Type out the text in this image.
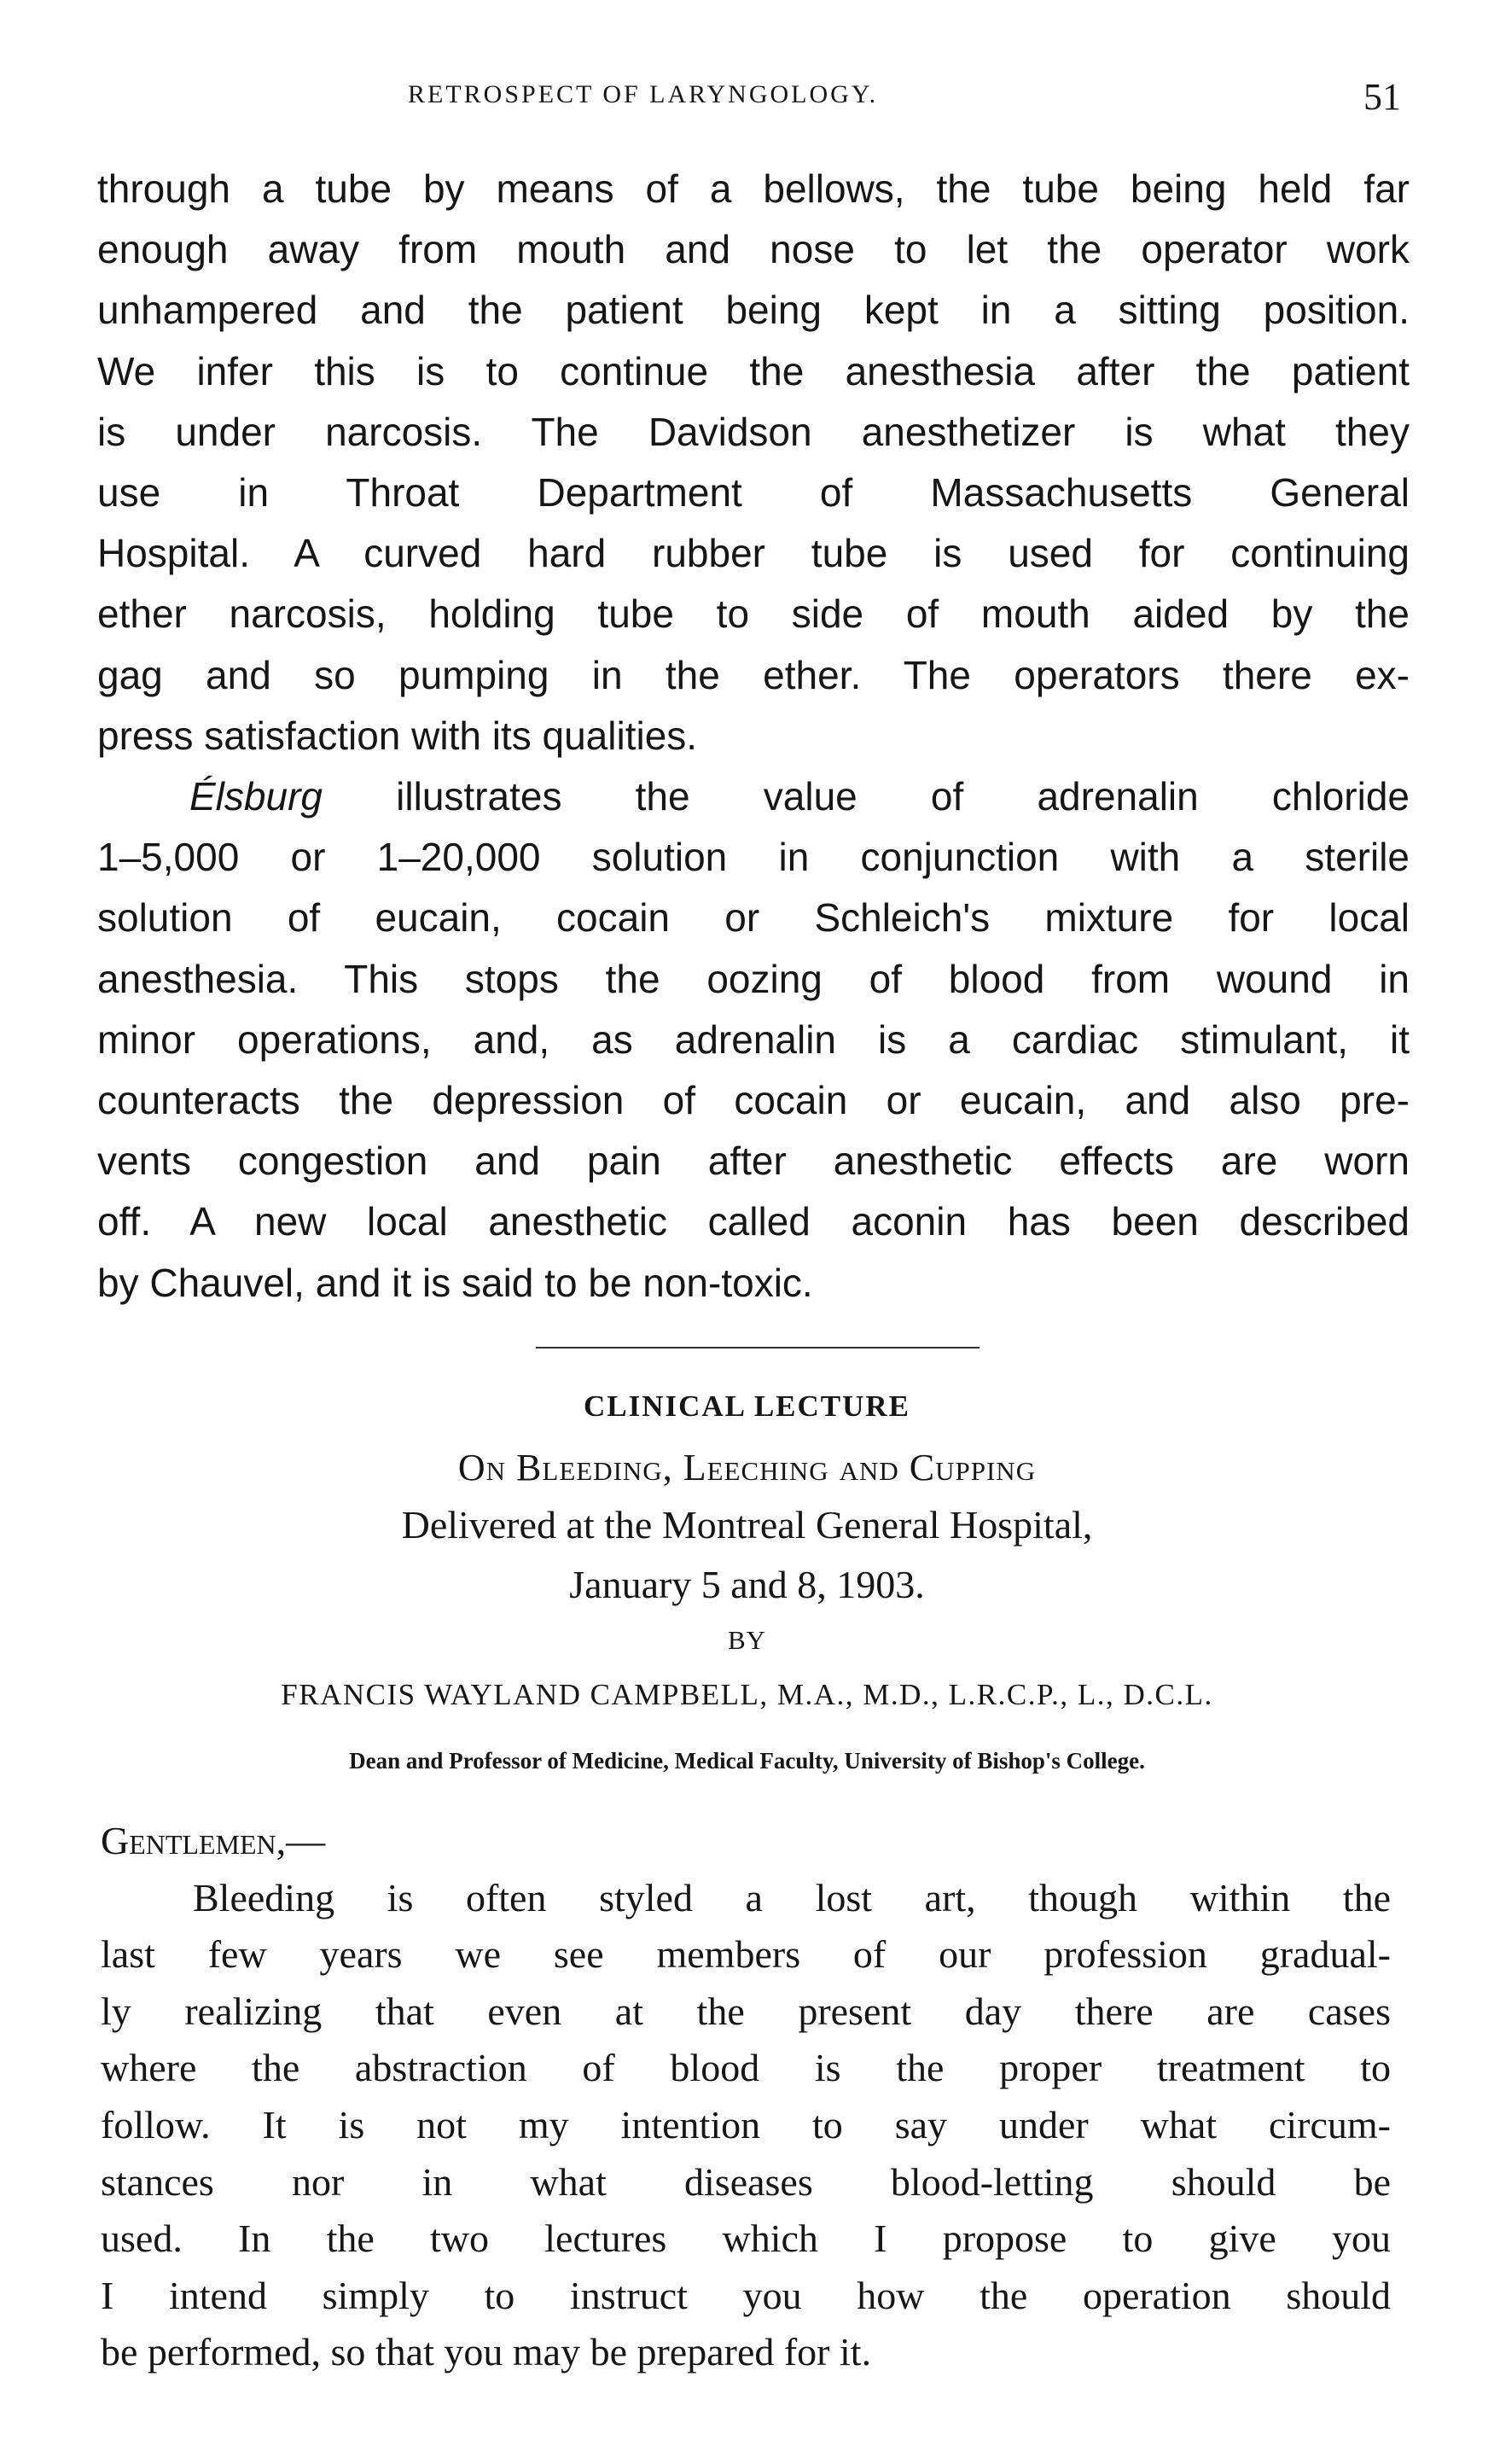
RETROSPECT OF LARYNGOLOGY.	51
through a tube by means of a bellows, the tube being held far
enough away from mouth and nose to let the operator work
unhampered and the patient being kept in a sitting position.
We infer this is to continue the anesthesia after the patient
is under narcosis. The Davidson anesthetizer is what they
use in Throat Department of Massachusetts General
Hospital. A curved hard rubber tube is used for continuing
ether narcosis, holding tube to side of mouth aided by the
gag and so pumping in the ether. The operators there ex-
press satisfaction with its qualities.
Élsburg illustrates the value of adrenalin chloride
1–5,000 or 1–20,000 solution in conjunction with a sterile
solution of eucain, cocain or Schleich's mixture for local
anesthesia. This stops the oozing of blood from wound in
minor operations, and, as adrenalin is a cardiac stimulant, it
counteracts the depression of cocain or eucain, and also pre-
vents congestion and pain after anesthetic effects are worn
off. A new local anesthetic called aconin has been described
by Chauvel, and it is said to be non-toxic.
CLINICAL LECTURE
On Bleeding, Leeching and Cupping
Delivered at the Montreal General Hospital,
January 5 and 8, 1903.
BY
FRANCIS WAYLAND CAMPBELL, M.A., M.D., L.R.C.P., L., D.C.L.
Dean and Professor of Medicine, Medical Faculty, University of Bishop's College.
Gentlemen,—
Bleeding is often styled a lost art, though within the
last few years we see members of our profession gradual-
ly realizing that even at the present day there are cases
where the abstraction of blood is the proper treatment to
follow. It is not my intention to say under what circum-
stances nor in what diseases blood-letting should be
used. In the two lectures which I propose to give you
I intend simply to instruct you how the operation should
be performed, so that you may be prepared for it.
